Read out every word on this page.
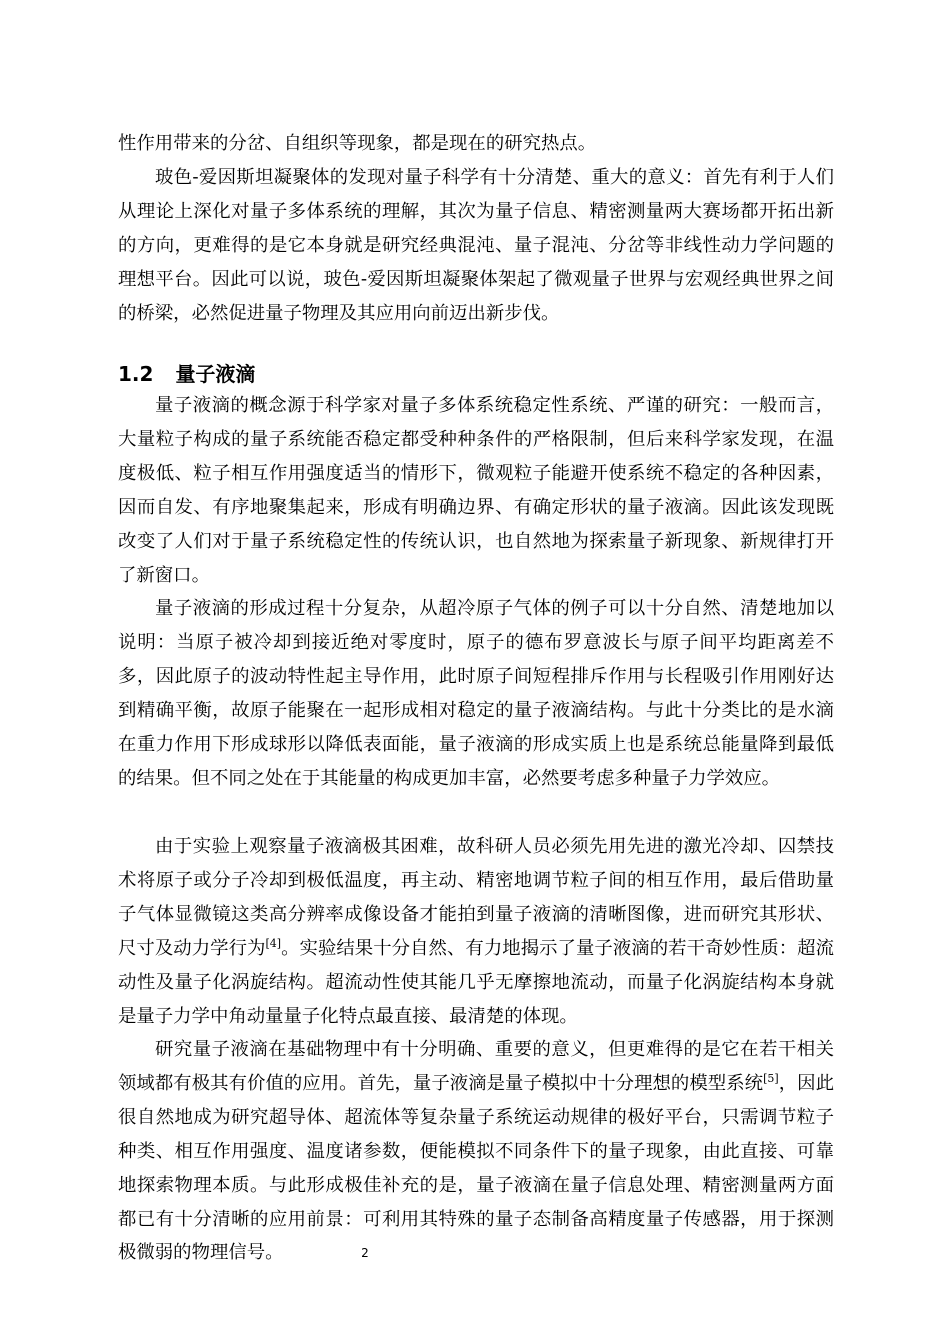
性作用带来的分岔、自组织等现象，都是现在的研究热点。

玻色-爱因斯坦凝聚体的发现对量子科学有十分清楚、重大的意义：首先有利于人们从理论上深化对量子多体系统的理解，其次为量子信息、精密测量两大赛场都开拓出新的方向，更难得的是它本身就是研究经典混沌、量子混沌、分岔等非线性动力学问题的理想平台。因此可以说，玻色-爱因斯坦凝聚体架起了微观量子世界与宏观经典世界之间的桥梁，必然促进量子物理及其应用向前迈出新步伐。

1.2 量子液滴

量子液滴的概念源于科学家对量子多体系统稳定性系统、严谨的研究：一般而言，大量粒子构成的量子系统能否稳定都受种种条件的严格限制，但后来科学家发现，在温度极低、粒子相互作用强度适当的情形下，微观粒子能避开使系统不稳定的各种因素，因而自发、有序地聚集起来，形成有明确边界、有确定形状的量子液滴。因此该发现既改变了人们对于量子系统稳定性的传统认识，也自然地为探索量子新现象、新规律打开了新窗口。

量子液滴的形成过程十分复杂，从超冷原子气体的例子可以十分自然、清楚地加以说明：当原子被冷却到接近绝对零度时，原子的德布罗意波长与原子间平均距离差不多，因此原子的波动特性起主导作用，此时原子间短程排斥作用与长程吸引作用刚好达到精确平衡，故原子能聚在一起形成相对稳定的量子液滴结构。与此十分类比的是水滴在重力作用下形成球形以降低表面能，量子液滴的形成实质上也是系统总能量降到最低的结果。但不同之处在于其能量的构成更加丰富，必然要考虑多种量子力学效应。

由于实验上观察量子液滴极其困难，故科研人员必须先用先进的激光冷却、囚禁技术将原子或分子冷却到极低温度，再主动、精密地调节粒子间的相互作用，最后借助量子气体显微镜这类高分辨率成像设备才能拍到量子液滴的清晰图像，进而研究其形状、尺寸及动力学行为[4]。实验结果十分自然、有力地揭示了量子液滴的若干奇妙性质：超流动性及量子化涡旋结构。超流动性使其能几乎无摩擦地流动，而量子化涡旋结构本身就是量子力学中角动量量子化特点最直接、最清楚的体现。

研究量子液滴在基础物理中有十分明确、重要的意义，但更难得的是它在若干相关领域都有极其有价值的应用。首先，量子液滴是量子模拟中十分理想的模型系统[5]，因此很自然地成为研究超导体、超流体等复杂量子系统运动规律的极好平台，只需调节粒子种类、相互作用强度、温度诸参数，便能模拟不同条件下的量子现象，由此直接、可靠地探索物理本质。与此形成极佳补充的是，量子液滴在量子信息处理、精密测量两方面都已有十分清晰的应用前景：可利用其特殊的量子态制备高精度量子传感器，用于探测极微弱的物理信号。	2
